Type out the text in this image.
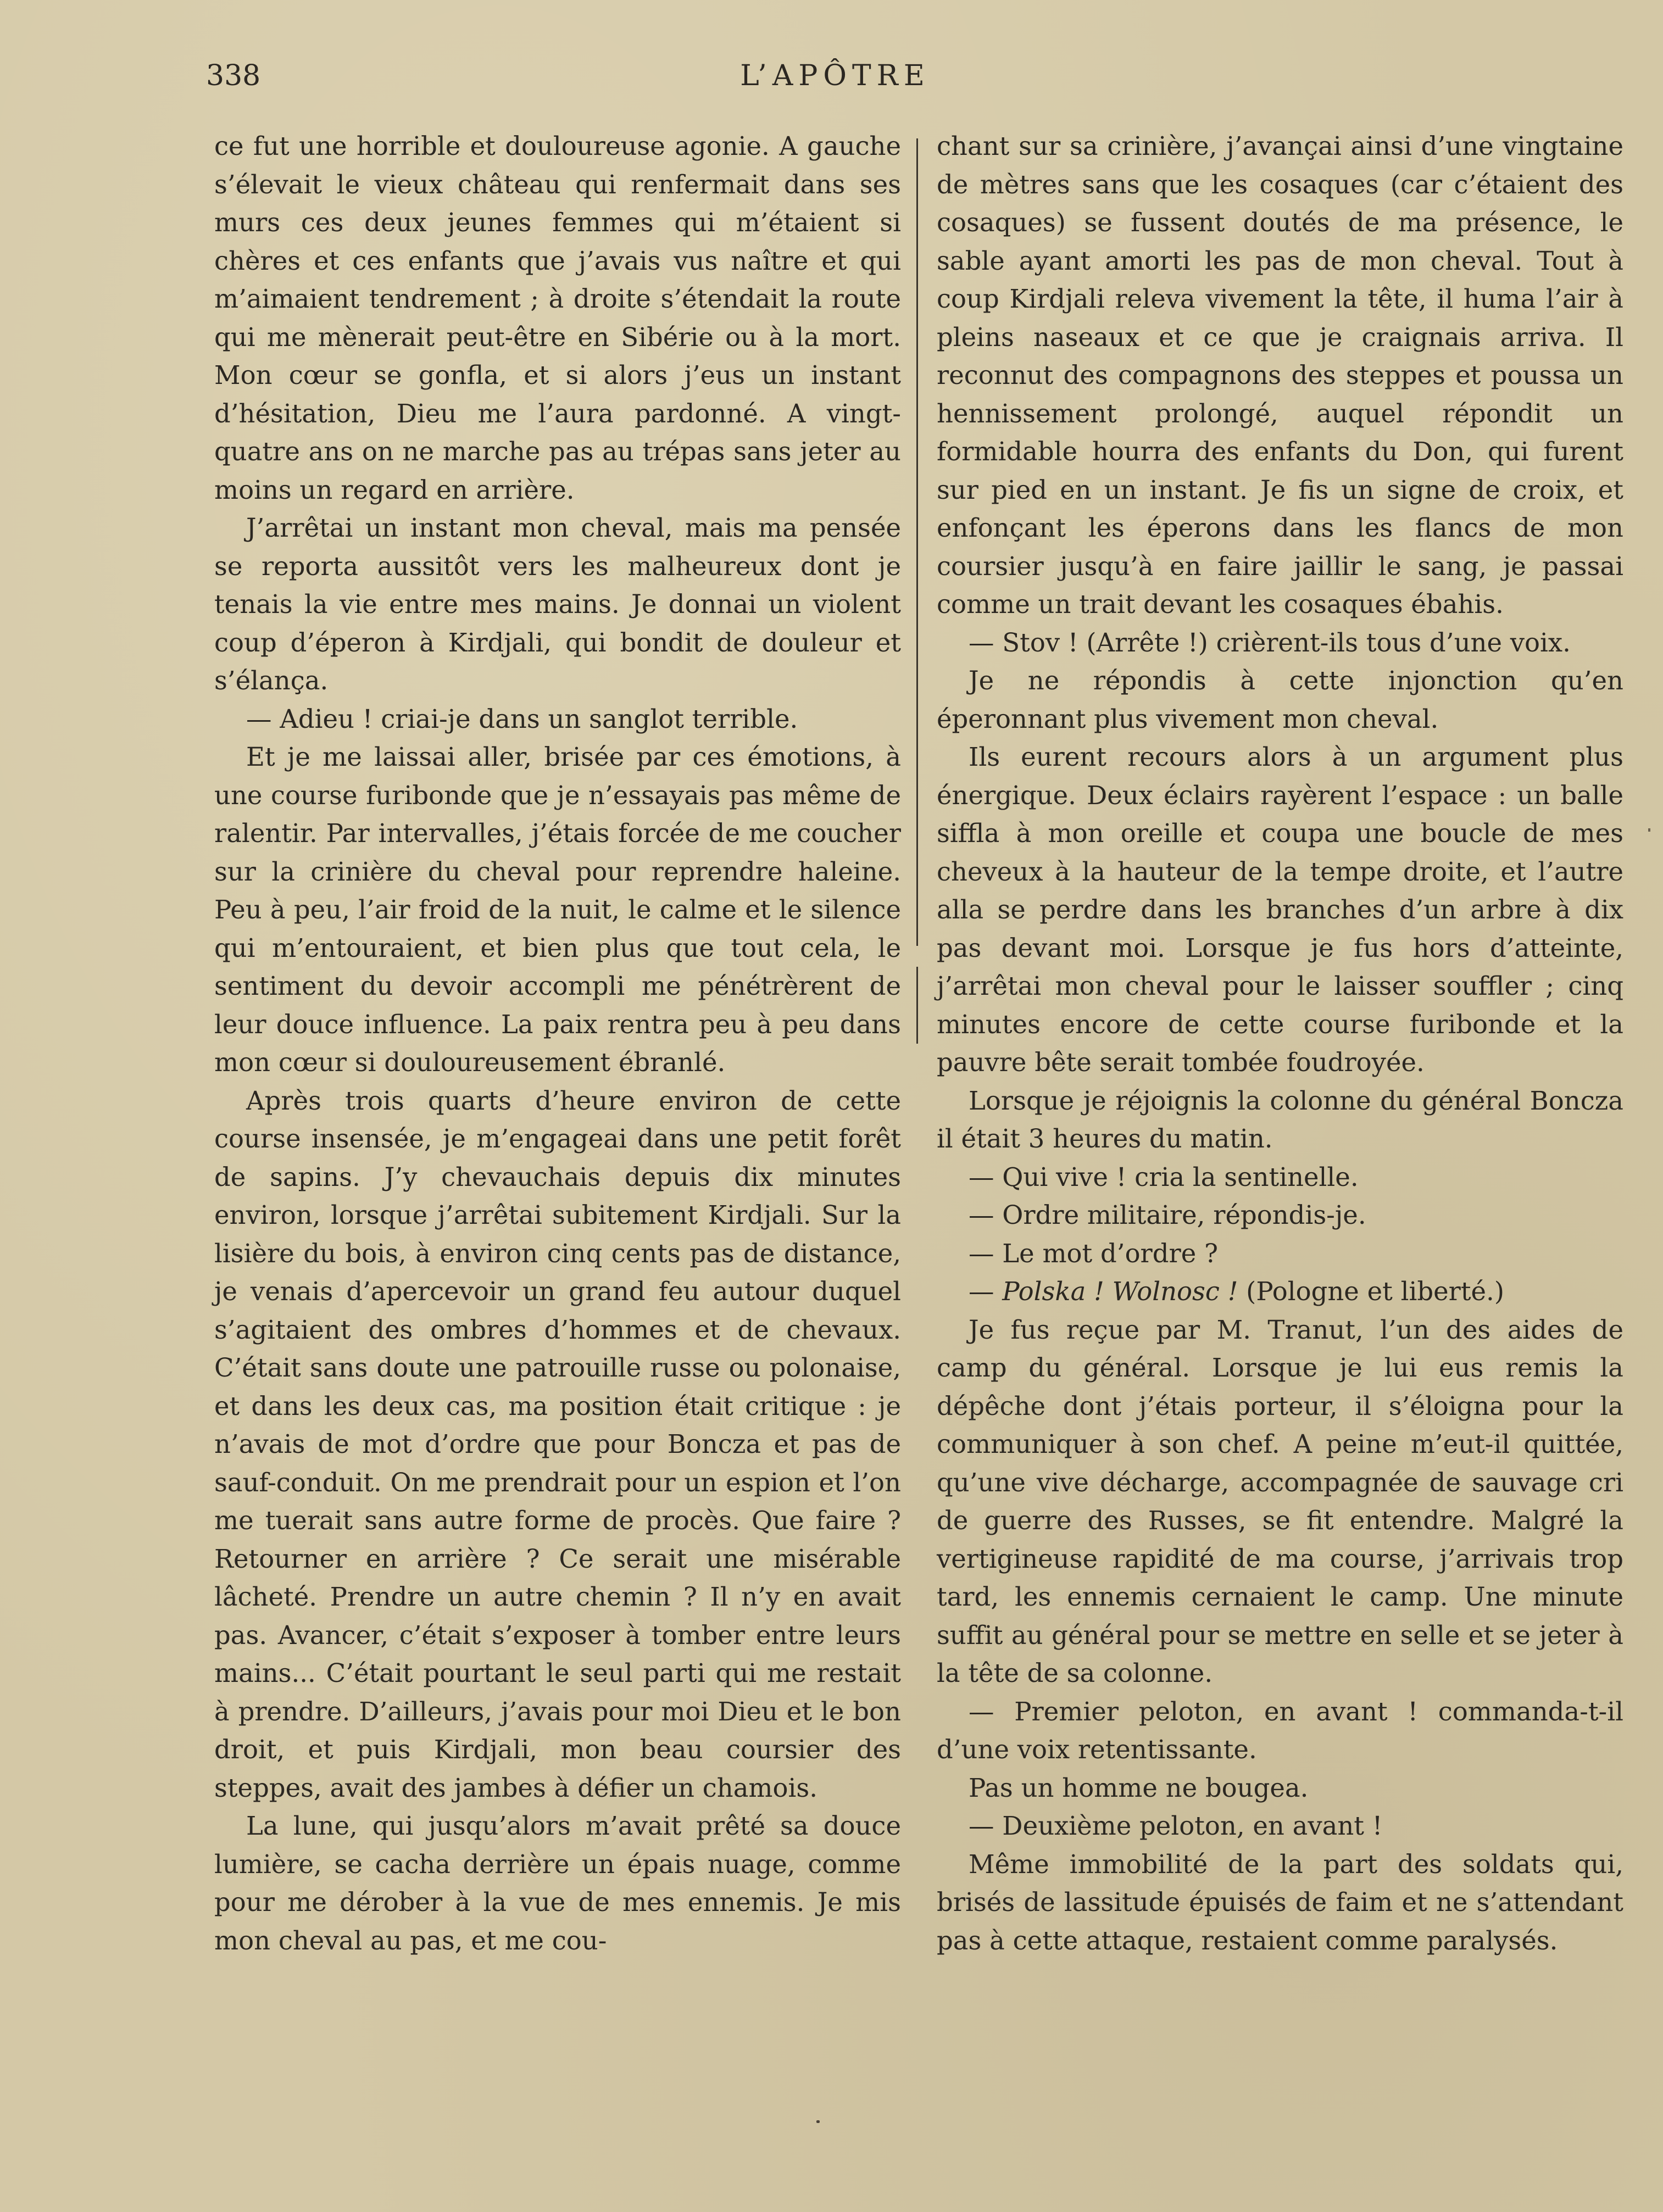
338	L’APÔTRE

ce fut une horrible et douloureuse agonie. A gauche s’élevait le vieux château qui renfermait dans ses murs ces deux jeunes femmes qui m’étaient si chères et ces enfants que j’avais vus naître et qui m’aimaient tendrement ; à droite s’étendait la route qui me mènerait peut-être en Sibérie ou à la mort. Mon cœur se gonfla, et si alors j’eus un instant d’hésitation, Dieu me l’aura pardonné. A vingt-quatre ans on ne marche pas au trépas sans jeter au moins un regard en arrière.

J’arrêtai un instant mon cheval, mais ma pensée se reporta aussitôt vers les malheureux dont je tenais la vie entre mes mains. Je donnai un violent coup d’éperon à Kirdjali, qui bondit de douleur et s’élança.

— Adieu ! criai-je dans un sanglot terrible.

Et je me laissai aller, brisée par ces émotions, à une course furibonde que je n’essayais pas même de ralentir. Par intervalles, j’étais forcée de me coucher sur la crinière du cheval pour reprendre haleine. Peu à peu, l’air froid de la nuit, le calme et le silence qui m’entouraient, et bien plus que tout cela, le sentiment du devoir accompli me pénétrèrent de leur douce influence. La paix rentra peu à peu dans mon cœur si douloureusement ébranlé.

Après trois quarts d’heure environ de cette course insensée, je m’engageai dans une petit forêt de sapins. J’y chevauchais depuis dix minutes environ, lorsque j’arrêtai subitement Kirdjali. Sur la lisière du bois, à environ cinq cents pas de distance, je venais d’apercevoir un grand feu autour duquel s’agitaient des ombres d’hommes et de chevaux. C’était sans doute une patrouille russe ou polonaise, et dans les deux cas, ma position était critique : je n’avais de mot d’ordre que pour Boncza et pas de sauf-conduit. On me prendrait pour un espion et l’on me tuerait sans autre forme de procès. Que faire ? Retourner en arrière ? Ce serait une misérable lâcheté. Prendre un autre chemin ? Il n’y en avait pas. Avancer, c’était s’exposer à tomber entre leurs mains... C’était pourtant le seul parti qui me restait à prendre. D’ailleurs, j’avais pour moi Dieu et le bon droit, et puis Kirdjali, mon beau coursier des steppes, avait des jambes à défier un chamois.

La lune, qui jusqu’alors m’avait prêté sa douce lumière, se cacha derrière un épais nuage, comme pour me dérober à la vue de mes ennemis. Je mis mon cheval au pas, et me cou-

chant sur sa crinière, j’avançai ainsi d’une vingtaine de mètres sans que les cosaques (car c’étaient des cosaques) se fussent doutés de ma présence, le sable ayant amorti les pas de mon cheval. Tout à coup Kirdjali releva vivement la tête, il huma l’air à pleins naseaux et ce que je craignais arriva. Il reconnut des compagnons des steppes et poussa un hennissement prolongé, auquel répondit un formidable hourra des enfants du Don, qui furent sur pied en un instant. Je fis un signe de croix, et enfonçant les éperons dans les flancs de mon coursier jusqu’à en faire jaillir le sang, je passai comme un trait devant les cosaques ébahis.

— Stov ! (Arrête !) crièrent-ils tous d’une voix.

Je ne répondis à cette injonction qu’en éperonnant plus vivement mon cheval.

Ils eurent recours alors à un argument plus énergique. Deux éclairs rayèrent l’espace : un balle siffla à mon oreille et coupa une boucle de mes cheveux à la hauteur de la tempe droite, et l’autre alla se perdre dans les branches d’un arbre à dix pas devant moi. Lorsque je fus hors d’atteinte, j’arrêtai mon cheval pour le laisser souffler ; cinq minutes encore de cette course furibonde et la pauvre bête serait tombée foudroyée.

Lorsque je réjoignis la colonne du général Boncza il était 3 heures du matin.

— Qui vive ! cria la sentinelle.

— Ordre militaire, répondis-je.

— Le mot d’ordre ?

— Polska ! Wolnosc ! (Pologne et liberté.)

Je fus reçue par M. Tranut, l’un des aides de camp du général. Lorsque je lui eus remis la dépêche dont j’étais porteur, il s’éloigna pour la communiquer à son chef. A peine m’eut-il quittée, qu’une vive décharge, accompagnée de sauvage cri de guerre des Russes, se fit entendre. Malgré la vertigineuse rapidité de ma course, j’arrivais trop tard, les ennemis cernaient le camp. Une minute suffit au général pour se mettre en selle et se jeter à la tête de sa colonne.

— Premier peloton, en avant ! commanda-t-il d’une voix retentissante.

Pas un homme ne bougea.

— Deuxième peloton, en avant !

Même immobilité de la part des soldats qui, brisés de lassitude épuisés de faim et ne s’attendant pas à cette attaque, restaient comme paralysés.
